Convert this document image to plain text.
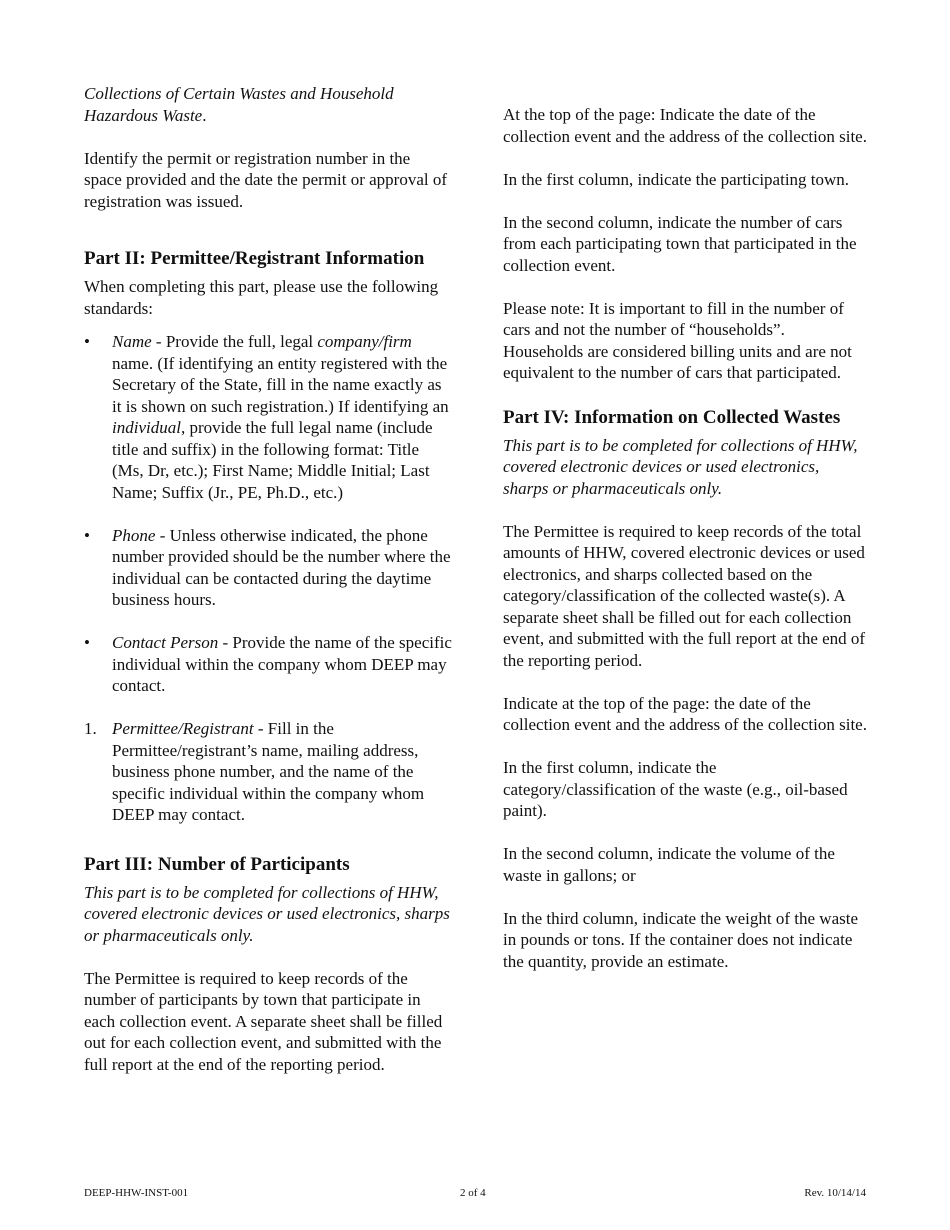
Collections of Certain Wastes and Household Hazardous Waste.

Identify the permit or registration number in the space provided and the date the permit or approval of registration was issued.

Part II: Permittee/Registrant Information

When completing this part, please use the following standards:

•	Name - Provide the full, legal company/firm name. (If identifying an entity registered with the Secretary of the State, fill in the name exactly as it is shown on such registration.) If identifying an individual, provide the full legal name (include title and suffix) in the following format: Title (Ms, Dr, etc.); First Name; Middle Initial; Last Name; Suffix (Jr., PE, Ph.D., etc.)
•	Phone - Unless otherwise indicated, the phone number provided should be the number where the individual can be contacted during the daytime business hours.
•	Contact Person - Provide the name of the specific individual within the company whom DEEP may contact.
1. Permittee/Registrant - Fill in the Permittee/registrant’s name, mailing address, business phone number, and the name of the specific individual within the company whom DEEP may contact.
Part III: Number of Participants

This part is to be completed for collections of HHW, covered electronic devices or used electronics, sharps or pharmaceuticals only.

The Permittee is required to keep records of the number of participants by town that participate in each collection event. A separate sheet shall be filled out for each collection event, and submitted with the full report at the end of the reporting period.

At the top of the page: Indicate the date of the collection event and the address of the collection site.

In the first column, indicate the participating town.

In the second column, indicate the number of cars from each participating town that participated in the collection event.

Please note: It is important to fill in the number of cars and not the number of “households”. Households are considered billing units and are not equivalent to the number of cars that participated.

Part IV: Information on Collected Wastes

This part is to be completed for collections of HHW, covered electronic devices or used electronics, sharps or pharmaceuticals only.

The Permittee is required to keep records of the total amounts of HHW, covered electronic devices or used electronics, and sharps collected based on the category/classification of the collected waste(s). A separate sheet shall be filled out for each collection event, and submitted with the full report at the end of the reporting period.

Indicate at the top of the page: the date of the collection event and the address of the collection site.

In the first column, indicate the category/classification of the waste (e.g., oil-based paint).

In the second column, indicate the volume of the waste in gallons; or

In the third column, indicate the weight of the waste in pounds or tons. If the container does not indicate the quantity, provide an estimate.

DEEP-HHW-INST-001	2 of 4	Rev. 10/14/14
